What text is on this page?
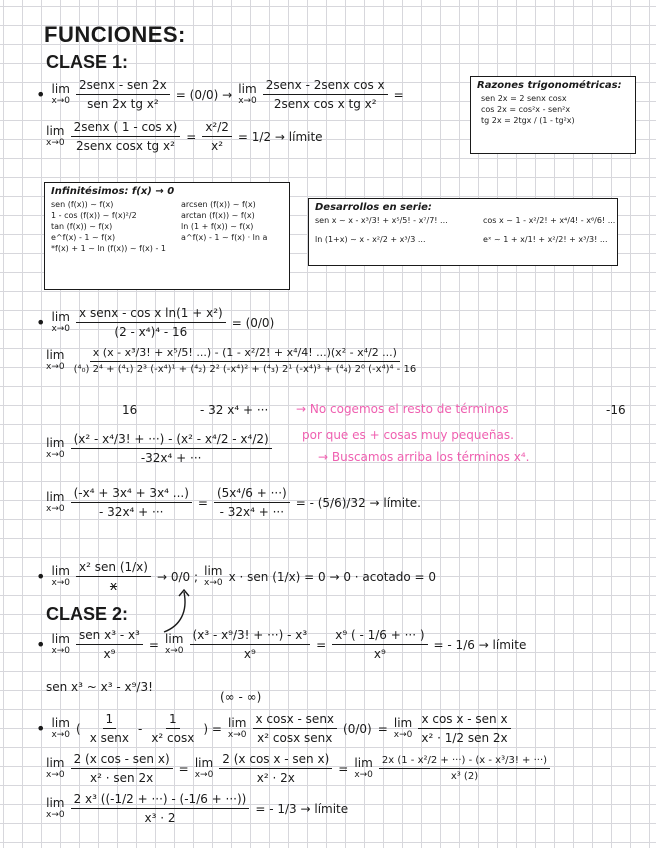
FUNCIONES:
CLASE 1:
• lim
$x\to 0 \frac{\text{2senx - sen 2x}}{\text{sen 2x tg x²}} = (0/0) \to \lim$
$x\to 0 \frac{\text{2senx - 2senx cos x}}{\text{2senx cos x tg x²}}$ =
lim
$x\to 0 \frac{\text{2senx ( 1 - cos x)}}{\text{2senx cosx tg x²}} = \frac{\text{x²/2}}{\text{x²}} = 1/2$ → límite
Razones trigonométricas:
sen 2x = 2 senx cosx
cos 2x = cos²x - sen²x
tg 2x = 2tgx / (1 - tg²x)
Infinitésimos: f(x) → 0
sen (f(x)) ~ f(x)
1 - cos (f(x)) ~ f(x)²/2
tan (f(x)) ~ f(x)
e^f(x) - 1 ~ f(x)
arcsen (f(x)) ~ f(x)
arctan (f(x)) ~ f(x)
ln (1 + f(x)) ~ f(x)
a^f(x) - 1 ~ f(x) · ln a
*f(x) + 1 ~ ln (f(x)) ~ f(x) - 1
Desarrollos en serie:
sen x ~ x - x³/3! + x⁵/5! - x⁷/7! ...
ln (1+x) ~ x - x²/2 + x³/3 ...
cos x ~ 1 - x²/2! + x⁴/4! - x⁶/6! ...
eˣ ~ 1 + x/1! + x²/2! + x³/3! ...
• lim
$x\to 0 \frac{\text{x senx - cos x ln(1 + x²)}}{\text{(2 - x⁴)⁴ - 16}} = (0/0)$
lim
x→0
x (x - x³/3! + x⁵/5! ...) - (1 - x²/2! + x⁴/4! ...)(x² - x⁴/2 ...)
(⁴₀) 2⁴ + (⁴₁) 2³ (-x⁴)¹ + (⁴₂) 2² (-x⁴)² + (⁴₃) 2¹ (-x⁴)³ + (⁴₄) 2⁰ (-x⁴)⁴ - 16
16	- 32 x⁴ + ···	-16
→ No cogemos el resto de términos
por que es + cosas muy pequeñas.
→ Buscamos arriba los términos x⁴.
lim
$x\to 0 \frac{\text{(x² - x⁴/3! + ···) - (x² - x⁴/2 - x⁴/2)}}{\text{-32x⁴ + ···}}$
lim
$x\to 0 \frac{\text{(-x⁴ + 3x⁴ + 3x⁴ ...)}}{\text{- 32x⁴ + ···}} = \frac{\text{(5x⁴/6 + ···)}}{\text{- 32x⁴ + ···}}$ = - (5/6)/32 → límite.
• lim
$x\to 0 \frac{\text{x² sen (1/x)}}{x} \to 0/0$ ; lim
x→0 x · sen (1/x) = 0 → 0 · acotado = 0
CLASE 2:
• lim
$x\to 0 \frac{\text{sen x³ - x³}}{\text{x⁹}} = \lim$
$x\to 0 \frac{\text{(x³ - x⁹/3! + ···) - x³}}{\text{x⁹}} = \frac{\text{x⁹ ( - 1/6 + ··· )}}{\text{x⁹}}$ = - 1/6 → límite
sen x³ ~ x³ - x⁹/3!
(∞ - ∞)
• lim
x→0 ( $\frac{1}{\text{x senx}} - \frac{1}{\text{x² cosx}}$ ) = lim
$x\to 0 \frac{\text{x cosx - senx}}{\text{x² cosx senx}} (0/0) = \lim$
$x\to 0 \frac{\text{x cos x - sen x}}{\text{x² · 1/2 sen 2x}}$
lim
$x\to 0 \frac{\text{2 (x cos - sen x)}}{\text{x² · sen 2x}} = \lim$
$x\to 0 \frac{\text{2 (x cos x - sen x)}}{\text{x² · 2x}} = \lim$
$x\to 0 \frac{\text{2x (1 - x²/2 + ···) - (x - x³/3! + ···)}}{\text{x³ (2)}}$
lim
$x\to 0 \frac{\text{2 x³ ((-1/2 + ···) - (-1/6 + ···))}}{\text{x³ · 2}}$ = - 1/3 → límite
